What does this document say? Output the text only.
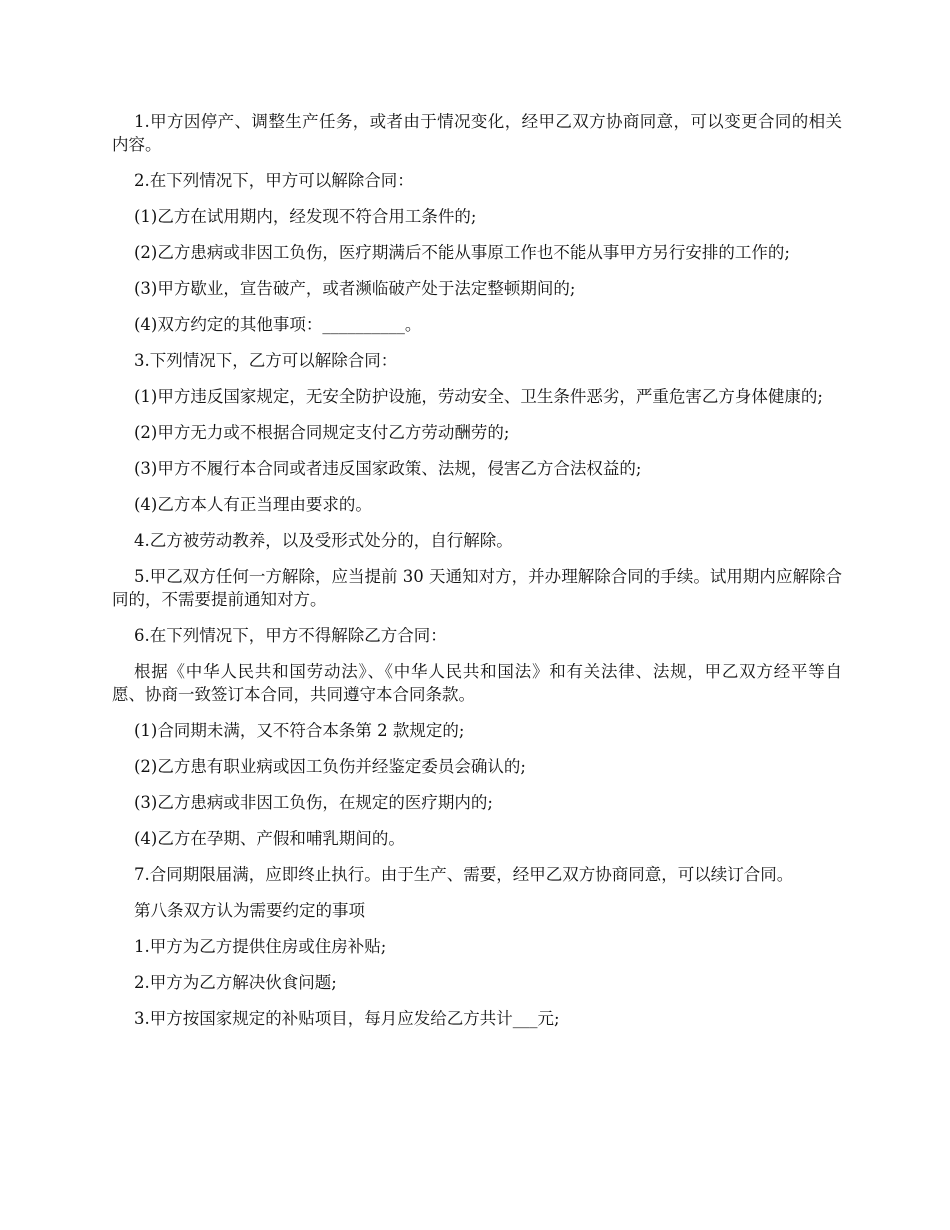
1.甲方因停产、调整生产任务，或者由于情况变化，经甲乙双方协商同意，可以变更合同的相关内容。

2.在下列情况下，甲方可以解除合同：

(1)乙方在试用期内，经发现不符合用工条件的;

(2)乙方患病或非因工负伤，医疗期满后不能从事原工作也不能从事甲方另行安排的工作的;

(3)甲方歇业，宣告破产，或者濒临破产处于法定整顿期间的;

(4)双方约定的其他事项：__________。

3.下列情况下，乙方可以解除合同：

(1)甲方违反国家规定，无安全防护设施，劳动安全、卫生条件恶劣，严重危害乙方身体健康的;

(2)甲方无力或不根据合同规定支付乙方劳动酬劳的;

(3)甲方不履行本合同或者违反国家政策、法规，侵害乙方合法权益的;

(4)乙方本人有正当理由要求的。

4.乙方被劳动教养，以及受形式处分的，自行解除。

5.甲乙双方任何一方解除，应当提前 30 天通知对方，并办理解除合同的手续。试用期内应解除合同的，不需要提前通知对方。

6.在下列情况下，甲方不得解除乙方合同：

根据《中华人民共和国劳动法》、《中华人民共和国法》和有关法律、法规，甲乙双方经平等自愿、协商一致签订本合同，共同遵守本合同条款。

(1)合同期未满，又不符合本条第 2 款规定的;

(2)乙方患有职业病或因工负伤并经鉴定委员会确认的;

(3)乙方患病或非因工负伤，在规定的医疗期内的;

(4)乙方在孕期、产假和哺乳期间的。

7.合同期限届满，应即终止执行。由于生产、需要，经甲乙双方协商同意，可以续订合同。

第八条双方认为需要约定的事项

1.甲方为乙方提供住房或住房补贴;

2.甲方为乙方解决伙食问题;

3.甲方按国家规定的补贴项目，每月应发给乙方共计___元;
